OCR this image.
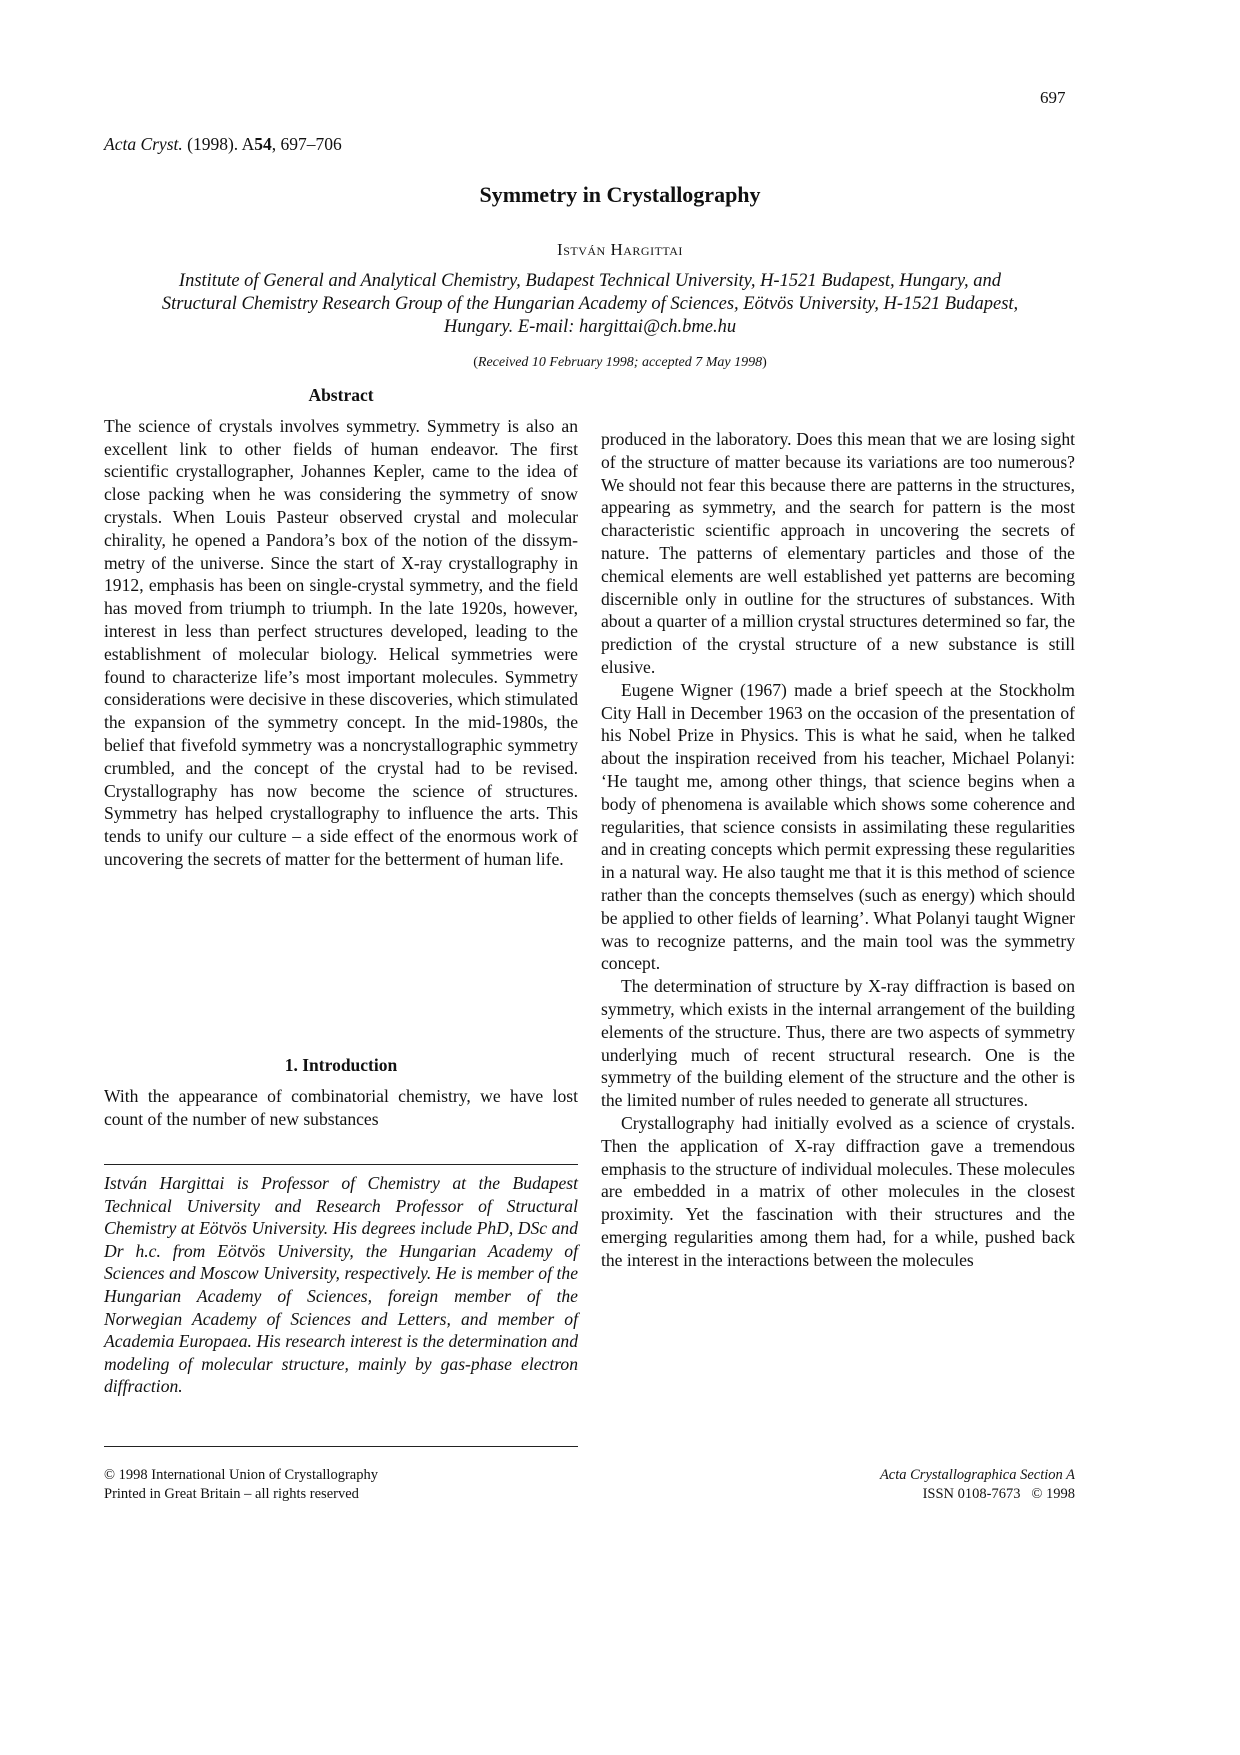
697
Acta Cryst. (1998). A54, 697–706
Symmetry in Crystallography
István Hargittai
Institute of General and Analytical Chemistry, Budapest Technical University, H-1521 Budapest, Hungary, and
Structural Chemistry Research Group of the Hungarian Academy of Sciences, Eötvös University, H-1521 Budapest,
Hungary. E-mail: hargittai@ch.bme.hu
(Received 10 February 1998; accepted 7 May 1998)
Abstract

The science of crystals involves symmetry. Symmetry is also an excellent link to other fields of human endeavor. The first scientific crystallographer, Johannes Kepler, came to the idea of close packing when he was considering the symmetry of snow crystals. When Louis Pasteur observed crystal and molecular chirality, he opened a Pandora’s box of the notion of the dissymmetry of the universe. Since the start of X-ray crystallography in 1912, emphasis has been on single-crystal symmetry, and the field has moved from triumph to triumph. In the late 1920s, however, interest in less than perfect structures developed, leading to the establishment of molecular biology. Helical symmetries were found to characterize life’s most important molecules. Symmetry considerations were decisive in these discoveries, which stimulated the expansion of the symmetry concept. In the mid-1980s, the belief that fivefold symmetry was a noncrystallographic symmetry crumbled, and the concept of the crystal had to be revised. Crystallography has now become the science of structures. Symmetry has helped crystallography to influence the arts. This tends to unify our culture – a side effect of the enormous work of uncovering the secrets of matter for the betterment of human life.

1. Introduction

With the appearance of combinatorial chemistry, we have lost count of the number of new substances

István Hargittai is Professor of Chemistry at the Budapest Technical University and Research Professor of Structural Chemistry at Eötvös University. His degrees include PhD, DSc and Dr h.c. from Eötvös University, the Hungarian Academy of Sciences and Moscow University, respectively. He is member of the Hungarian Academy of Sciences, foreign member of the Norwegian Academy of Sciences and Letters, and member of Academia Europaea. His research interest is the determination and modeling of molecular structure, mainly by gas-phase electron diffraction.

produced in the laboratory. Does this mean that we are losing sight of the structure of matter because its variations are too numerous? We should not fear this because there are patterns in the structures, appearing as symmetry, and the search for pattern is the most characteristic scientific approach in uncovering the secrets of nature. The patterns of elementary particles and those of the chemical elements are well established yet patterns are becoming discernible only in outline for the structures of substances. With about a quarter of a million crystal structures determined so far, the prediction of the crystal structure of a new substance is still elusive.

Eugene Wigner (1967) made a brief speech at the Stockholm City Hall in December 1963 on the occasion of the presentation of his Nobel Prize in Physics. This is what he said, when he talked about the inspiration received from his teacher, Michael Polanyi: ‘He taught me, among other things, that science begins when a body of phenomena is available which shows some coherence and regularities, that science consists in assimilating these regularities and in creating concepts which permit expressing these regularities in a natural way. He also taught me that it is this method of science rather than the concepts themselves (such as energy) which should be applied to other fields of learning’. What Polanyi taught Wigner was to recognize patterns, and the main tool was the symmetry concept.

The determination of structure by X-ray diffraction is based on symmetry, which exists in the internal arrangement of the building elements of the structure. Thus, there are two aspects of symmetry underlying much of recent structural research. One is the symmetry of the building element of the structure and the other is the limited number of rules needed to generate all structures.

Crystallography had initially evolved as a science of crystals. Then the application of X-ray diffraction gave a tremendous emphasis to the structure of individual molecules. These molecules are embedded in a matrix of other molecules in the closest proximity. Yet the fascination with their structures and the emerging regularities among them had, for a while, pushed back the interest in the interactions between the molecules

© 1998 International Union of Crystallography
Printed in Great Britain – all rights reserved
Acta Crystallographica Section A
ISSN 0108-7673   © 1998
